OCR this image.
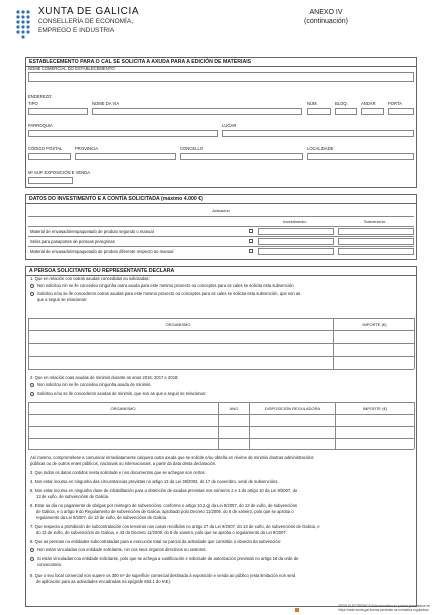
XUNTA DE GALICIA
CONSELLERÍA DE ECONOMÍA,
EMPREGO E INDUSTRIA
ANEXO IV
(continuación)
ESTABLECEMENTO PARA O CAL SE SOLICITA A AXUDA PARA A EDICIÓN DE MATERIAIS
NOME COMERCIAL DO ESTABLECEMENTO:
ENDEREZO:
TIPO	NOME DA VÍA	NÚM.	BLOQ.	ANDAR	PORTA
PARROQUIA	LUGAR
CÓDIGO POSTAL	PROVINCIA	CONCELLO	LOCALIDADE
M² SUP. EXPOSICIÓN E VENDA
DATOS DO INVESTIMENTO E A CONTÍA SOLICITADA (máximo 4.000 €)
Actuación
Investimento:	Subvención:
Material de envasado/empaquetado de produto segundo o manual
Selos para pasaportes de persoas peregrinas
Material de envasado/empaquetado de produto diferente respecto ao manual
A PERSOA SOLICITANTE OU REPRESENTANTE DECLARA
1. Que en relación con outras axudas concedidas ou solicitadas:
Non solicitou nin se lle concedeu ningunha outra axuda para este mesmo proxecto ou conceptos para os cales se solicita esta subvención.
Solicitou e/ou se lle concederon outras axudas para este mesmo proxecto ou conceptos para os cales se solicita esta subvención, que son as
que a seguir se relacionan:
ORGANISMO	IMPORTE (€)
2. Que en relación coas axudas de minimis durante os anos 2016, 2017 e 2018:
Non solicitou nin se lle concedeu ningunha axuda de minimis.
Solicitou e/ou se lle concederon axudas de minimis, que son as que a seguir se relacionan:
ORGANISMO	ANO	DISPOSICIÓN REGULADORA	IMPORTE (€)
Así mesmo, comprométese a comunicar inmediatamente calquera outra axuda que se solicite e/ou obteña en réxime de minimis doutras administracións
públicas ou de outros entes públicos, nacionais ou internacionais, a partir da data desta declaración.
3. Que todos os datos contidos nesta solicitude e nos documentos que se achegan son certos.
4. Non estar incursa en ningunha das circunstancias previstas no artigo 13 da Lei 38/2003, do 17 de novembro, xeral de subvencións.
5. Non estar incursa en ningunha clase de inhabilitación para a obtención de axudas previstas nos números 2 e 3 do artigo 10 da Lei 9/2007, do
13 de xuño, de subvencións de Galicia.
6. Estar ao día no pagamento de obrigas por reintegro de subvencións, conforme o artigo 10.2.g) da Lei 9/2007, do 13 de xuño, de subvencións
de Galicia, e o artigo 9 do Regulamento de subvencións de Galicia, aprobado polo Decreto 11/2009, do 8 de xaneiro, polo que se aproba o
regulamento da Lei 9/2007, do 13 de xuño, de subvencións de Galicia.
7. Que respecta a prohibición de subcontratación cos terceiros nos casos recollidos no artigo 27 da Lei 9/2007, do 13 de xuño, de subvencións de Galicia, e
do 13 de xuño, de subvencións de Galicia, e 43 do Decreto 11/2009, do 8 de xaneiro, polo que se aproba o regulamento da Lei 9/2007.
8. Que as persoas ou entidades subcontratadas para a execución total ou parcial da actividade que constitúe o obxecto da subvención:
Non están vinculadas coa entidade solicitante, nin cos seus órganos directivos ou xestores.
Si están vinculadas coa entidade solicitante, polo que se achega a xustificación e solicitude de autorización previstas no artigo 18 da orde de
convocatoria.
9. Que o seu local comercial non supere os 300 m² de superficie comercial destinada á exposición e venda ao público (esta limitación non será
de aplicación para as actividades encadradas na epígrafe 653.1 do IAE).
SEDE ELECTRÓNICA Este formulario só poderá presentarse en
https://sede.xunta.gal formas previstas na normativa reguladora
